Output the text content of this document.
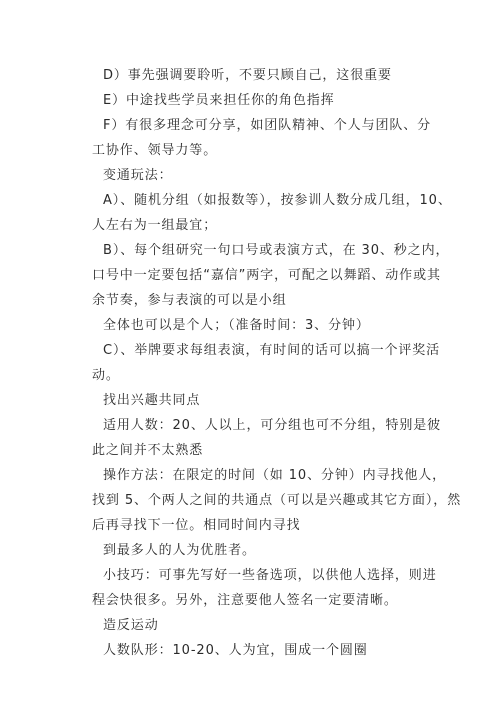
D）事先强调要聆听，不要只顾自己，这很重要
E）中途找些学员来担任你的角色指挥
F）有很多理念可分享，如团队精神、个人与团队、分
工协作、领导力等。
变通玩法：
A）、随机分组（如报数等），按参训人数分成几组，10、
人左右为一组最宜；
B）、每个组研究一句口号或表演方式，在 30、秒之内，
口号中一定要包括“嘉信”两字，可配之以舞蹈、动作或其
余节奏，参与表演的可以是小组
全体也可以是个人；（准备时间：3、分钟）
C）、举牌要求每组表演，有时间的话可以搞一个评奖活
动。
找出兴趣共同点
适用人数：20、人以上，可分组也可不分组，特别是彼
此之间并不太熟悉
操作方法：在限定的时间（如 10、分钟）内寻找他人，
找到 5、个两人之间的共通点（可以是兴趣或其它方面），然
后再寻找下一位。相同时间内寻找
到最多人的人为优胜者。
小技巧：可事先写好一些备选项，以供他人选择，则进
程会快很多。另外，注意要他人签名一定要清晰。
造反运动
人数队形：10-20、人为宜，围成一个圆圈
